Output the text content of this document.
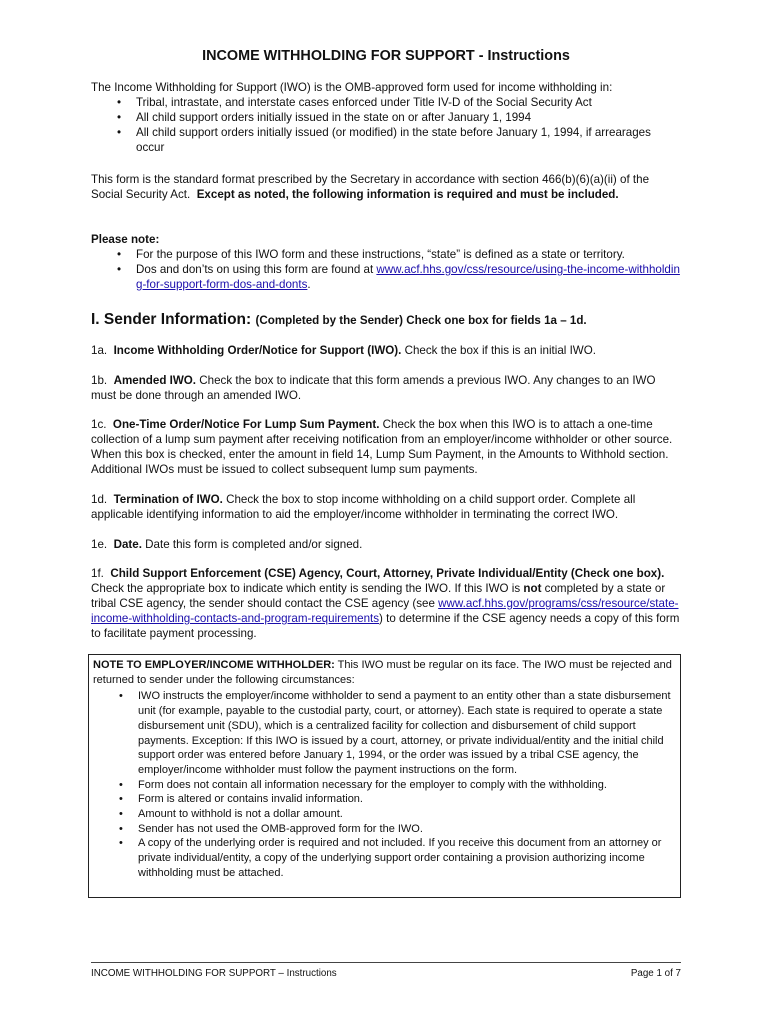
INCOME WITHHOLDING FOR SUPPORT - Instructions
The Income Withholding for Support (IWO) is the OMB-approved form used for income withholding in:
• Tribal, intrastate, and interstate cases enforced under Title IV-D of the Social Security Act
• All child support orders initially issued in the state on or after January 1, 1994
• All child support orders initially issued (or modified) in the state before January 1, 1994, if arrearages occur

This form is the standard format prescribed by the Secretary in accordance with section 466(b)(6)(a)(ii) of the Social Security Act. Except as noted, the following information is required and must be included.

Please note:
• For the purpose of this IWO form and these instructions, “state” is defined as a state or territory.
• Dos and don’ts on using this form are found at www.acf.hhs.gov/css/resource/using-the-income-withholding-for-support-form-dos-and-donts.
I. Sender Information: (Completed by the Sender) Check one box for fields 1a – 1d.

1a. Income Withholding Order/Notice for Support (IWO). Check the box if this is an initial IWO.

1b. Amended IWO. Check the box to indicate that this form amends a previous IWO. Any changes to an IWO must be done through an amended IWO.

1c. One-Time Order/Notice For Lump Sum Payment. Check the box when this IWO is to attach a one-time collection of a lump sum payment after receiving notification from an employer/income withholder or other source. When this box is checked, enter the amount in field 14, Lump Sum Payment, in the Amounts to Withhold section. Additional IWOs must be issued to collect subsequent lump sum payments.

1d. Termination of IWO. Check the box to stop income withholding on a child support order. Complete all applicable identifying information to aid the employer/income withholder in terminating the correct IWO.

1e. Date. Date this form is completed and/or signed.

1f. Child Support Enforcement (CSE) Agency, Court, Attorney, Private Individual/Entity (Check one box). Check the appropriate box to indicate which entity is sending the IWO. If this IWO is not completed by a state or tribal CSE agency, the sender should contact the CSE agency (see www.acf.hhs.gov/programs/css/resource/state-income-withholding-contacts-and-program-requirements) to determine if the CSE agency needs a copy of this form to facilitate payment processing.

NOTE TO EMPLOYER/INCOME WITHHOLDER: This IWO must be regular on its face. The IWO must be rejected and returned to sender under the following circumstances:
• IWO instructs the employer/income withholder to send a payment to an entity other than a state disbursement unit (for example, payable to the custodial party, court, or attorney). Each state is required to operate a state disbursement unit (SDU), which is a centralized facility for collection and disbursement of child support payments. Exception: If this IWO is issued by a court, attorney, or private individual/entity and the initial child support order was entered before January 1, 1994, or the order was issued by a tribal CSE agency, the employer/income withholder must follow the payment instructions on the form.
• Form does not contain all information necessary for the employer to comply with the withholding.
• Form is altered or contains invalid information.
• Amount to withhold is not a dollar amount.
• Sender has not used the OMB-approved form for the IWO.
• A copy of the underlying order is required and not included. If you receive this document from an attorney or private individual/entity, a copy of the underlying support order containing a provision authorizing income withholding must be attached.
INCOME WITHHOLDING FOR SUPPORT – Instructions	Page 1 of 7
